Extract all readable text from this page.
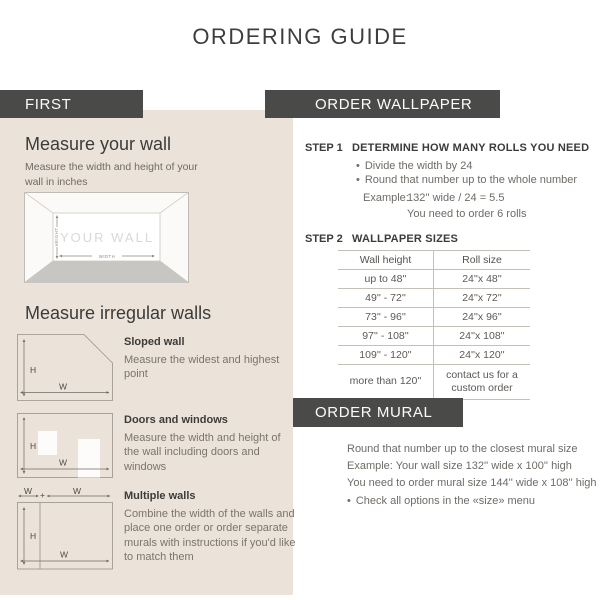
ORDERING GUIDE
FIRST
Measure your wall
Measure the width and height of your wall in inches
YOUR WALL
HEIGHT
WIDTH
Measure irregular walls
H
W
Sloped wall
Measure the widest and highest point
H
W
Doors and windows
Measure the width and height of the wall including doors and windows
W +	W
H
W
Multiple walls
Combine the width of the walls and place one order or order separate murals with instructions if you'd like to match them
ORDER WALLPAPER
STEP 1 DETERMINE HOW MANY ROLLS YOU NEED
• Divide the width by 24
• Round that number up to the whole number
Example:
132'' wide / 24 = 5.5
You need to order 6 rolls
STEP 2 WALLPAPER SIZES
Wall height	Roll size
up to 48''	24''x 48''
49'' - 72''	24''x 72''
73'' - 96''	24''x 96''
97'' - 108''	24''x 108''
109'' - 120''	24''x 120''
more than 120''	contact us for a custom order
ORDER MURAL
Round that number up to the closest mural size
Example: Your wall size 132'' wide x 100'' high
You need to order mural size 144'' wide x 108'' high
• Check all options in the «size» menu
